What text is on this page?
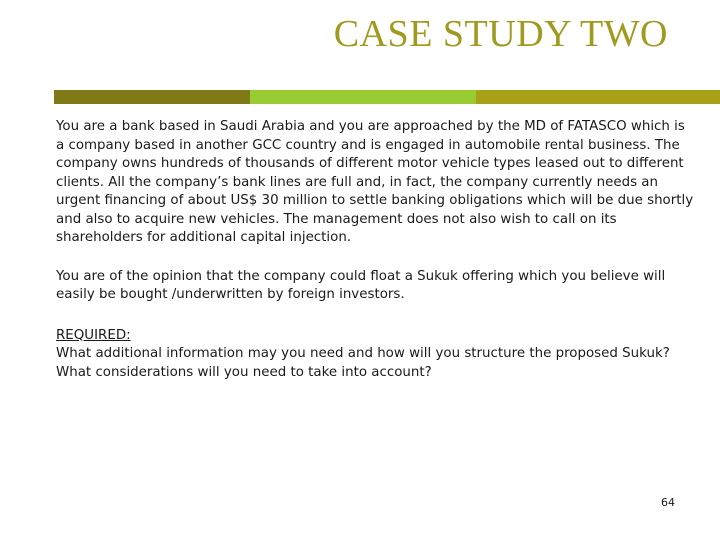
CASE STUDY TWO

You are a bank based in Saudi Arabia and you are approached by the MD of FATASCO which is a company based in another GCC country and is engaged in automobile rental business. The company owns hundreds of thousands of different motor vehicle types leased out to different clients. All the company’s bank lines are full and, in fact, the company currently needs an urgent financing of about US$ 30 million to settle banking obligations which will be due shortly and also to acquire new vehicles. The management does not also wish to call on its shareholders for additional capital injection.

You are of the opinion that the company could float a Sukuk offering which you believe will easily be bought /underwritten by foreign investors.

REQUIRED:

What additional information may you need and how will you structure the proposed Sukuk? What considerations will you need to take into account?

64
